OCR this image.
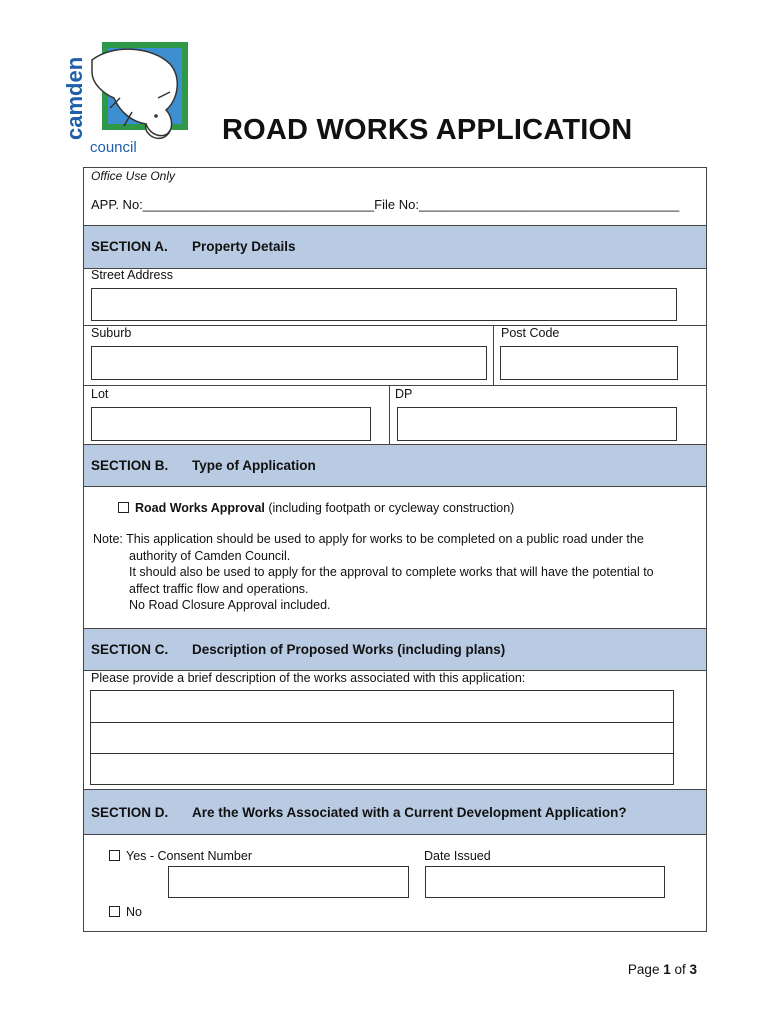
camden
council
ROAD WORKS APPLICATION
Office Use Only
APP. No:________________________________File No:____________________________________
SECTION A. Property Details
Street Address
Suburb	Post Code
Lot	DP
SECTION B. Type of Application
Road Works Approval (including footpath or cycleway construction)
Note: This application should be used to apply for works to be completed on a public road under the
authority of Camden Council.
It should also be used to apply for the approval to complete works that will have the potential to
affect traffic flow and operations.
No Road Closure Approval included.
SECTION C. Description of Proposed Works (including plans)
Please provide a brief description of the works associated with this application:
SECTION D. Are the Works Associated with a Current Development Application?
Yes - Consent Number	Date Issued
No
Page 1 of 3
